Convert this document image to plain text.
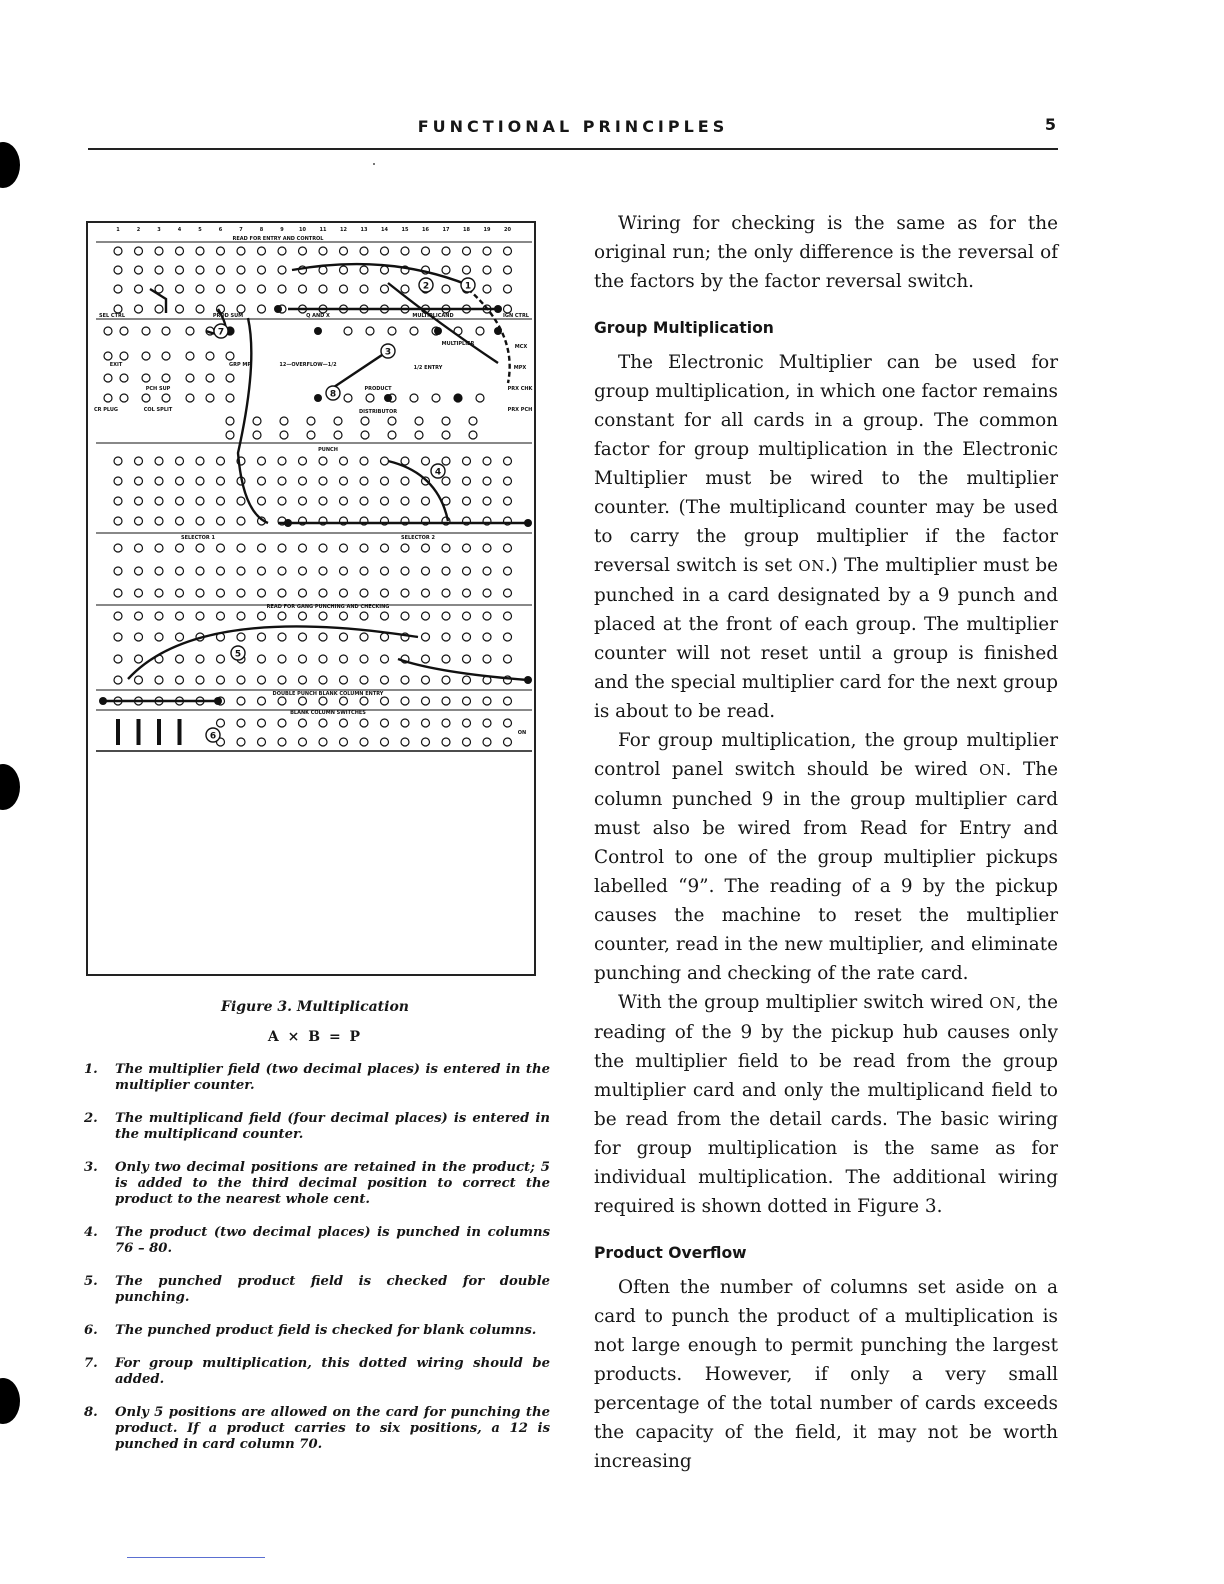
FUNCTIONAL PRINCIPLES	5
1	2	3	4	5	6	7	8	9	10	11	12	13	14	15	16	17	18	19	20
READ FOR ENTRY AND CONTROL
SEL CTRL	PROD SUM	Q AND X	MULTIPLICAND	IGN CTRL
MULTIPLIER	MCX
EXIT	GRP MP	12—OVERFLOW—1/2	1/2 ENTRY	MPX
PCH SUP	PRODUCT	PRX CHK
CR PLUG	COL SPLIT	DISTRIBUTOR	PRX PCH
PUNCH
SELECTOR 1	SELECTOR 2
READ FOR GANG PUNCHING AND CHECKING
DOUBLE PUNCH BLANK COLUMN ENTRY
BLANK COLUMN SWITCHES
ON
1
2
3
4
5
6
7
8
Figure 3. Multiplication
A × B = P
1. The multiplier field (two decimal places) is entered in the multiplier counter.
2. The multiplicand field (four decimal places) is entered in the multiplicand counter.
3. Only two decimal positions are retained in the product; 5 is added to the third decimal position to correct the product to the nearest whole cent.
4. The product (two decimal places) is punched in columns 76 – 80.
5. The punched product field is checked for double punching.
6. The punched product field is checked for blank columns.
7. For group multiplication, this dotted wiring should be added.
8. Only 5 positions are allowed on the card for punching the product. If a product carries to six positions, a 12 is punched in card column 70.

Wiring for checking is the same as for the original run; the only difference is the reversal of the factors by the factor reversal switch.

Group Multiplication

The Electronic Multiplier can be used for group multiplication, in which one factor remains constant for all cards in a group. The common factor for group multiplication in the Electronic Multiplier must be wired to the multiplier counter. (The multiplicand counter may be used to carry the group multiplier if the factor reversal switch is set ON.) The multiplier must be punched in a card designated by a 9 punch and placed at the front of each group. The multiplier counter will not reset until a group is finished and the special multiplier card for the next group is about to be read.

For group multiplication, the group multiplier control panel switch should be wired ON. The column punched 9 in the group multiplier card must also be wired from Read for Entry and Control to one of the group multiplier pickups labelled “9”. The reading of a 9 by the pickup causes the machine to reset the multiplier counter, read in the new multiplier, and eliminate punching and checking of the rate card.

With the group multiplier switch wired ON, the reading of the 9 by the pickup hub causes only the multiplier field to be read from the group multiplier card and only the multiplicand field to be read from the detail cards. The basic wiring for group multiplication is the same as for individual multiplication. The additional wiring required is shown dotted in Figure 3.

Product Overflow

Often the number of columns set aside on a card to punch the product of a multiplication is not large enough to permit punching the largest products. However, if only a very small percentage of the total number of cards exceeds the capacity of the field, it may not be worth increasing
